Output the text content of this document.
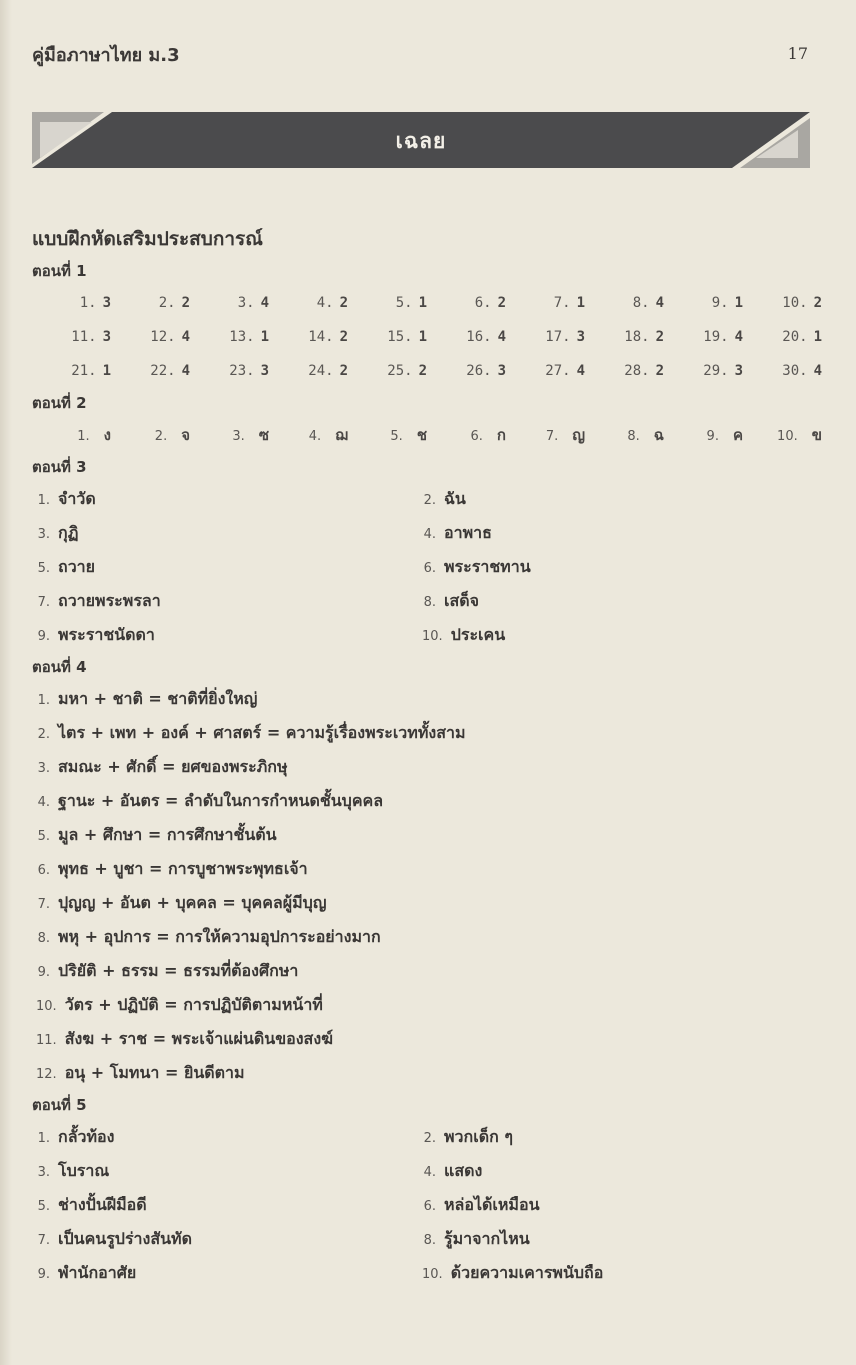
คู่มือภาษาไทย ม.3	17
เฉลย
แบบฝึกหัดเสริมประสบการณ์
ตอนที่ 1
1. 3	2. 2	3. 4	4. 2	5. 1	6. 2	7. 1	8. 4	9. 1	10. 2
11. 3	12. 4	13. 1	14. 2	15. 1	16. 4	17. 3	18. 2	19. 4	20. 1
21. 1	22. 4	23. 3	24. 2	25. 2	26. 3	27. 4	28. 2	29. 3	30. 4
ตอนที่ 2
1. ง	2. จ	3. ซ	4. ฌ	5. ช	6. ก	7. ญ	8. ฉ	9. ค	10. ข
ตอนที่ 3
1. จำวัด	2. ฉัน
3. กุฏิ	4. อาพาธ
5. ถวาย	6. พระราชทาน
7. ถวายพระพรลา	8. เสด็จ
9. พระราชนัดดา	10. ประเคน
ตอนที่ 4
1. มหา + ชาติ = ชาติที่ยิ่งใหญ่
2. ไตร + เพท + องค์ + ศาสตร์ = ความรู้เรื่องพระเวททั้งสาม
3. สมณะ + ศักดิ์ = ยศของพระภิกษุ
4. ฐานะ + อันตร = ลำดับในการกำหนดชั้นบุคคล
5. มูล + ศึกษา = การศึกษาชั้นต้น
6. พุทธ + บูชา = การบูชาพระพุทธเจ้า
7. ปุญญ + อันต + บุคคล = บุคคลผู้มีบุญ
8. พหุ + อุปการ = การให้ความอุปการะอย่างมาก
9. ปริยัติ + ธรรม = ธรรมที่ต้องศึกษา
10. วัตร + ปฏิบัติ = การปฏิบัติตามหน้าที่
11. สังฆ + ราช = พระเจ้าแผ่นดินของสงฆ์
12. อนุ + โมทนา = ยินดีตาม
ตอนที่ 5
1. กลั้วท้อง	2. พวกเด็ก ๆ
3. โบราณ	4. แสดง
5. ช่างปั้นฝีมือดี	6. หล่อได้เหมือน
7. เป็นคนรูปร่างสันทัด	8. รู้มาจากไหน
9. พำนักอาศัย	10. ด้วยความเคารพนับถือ
